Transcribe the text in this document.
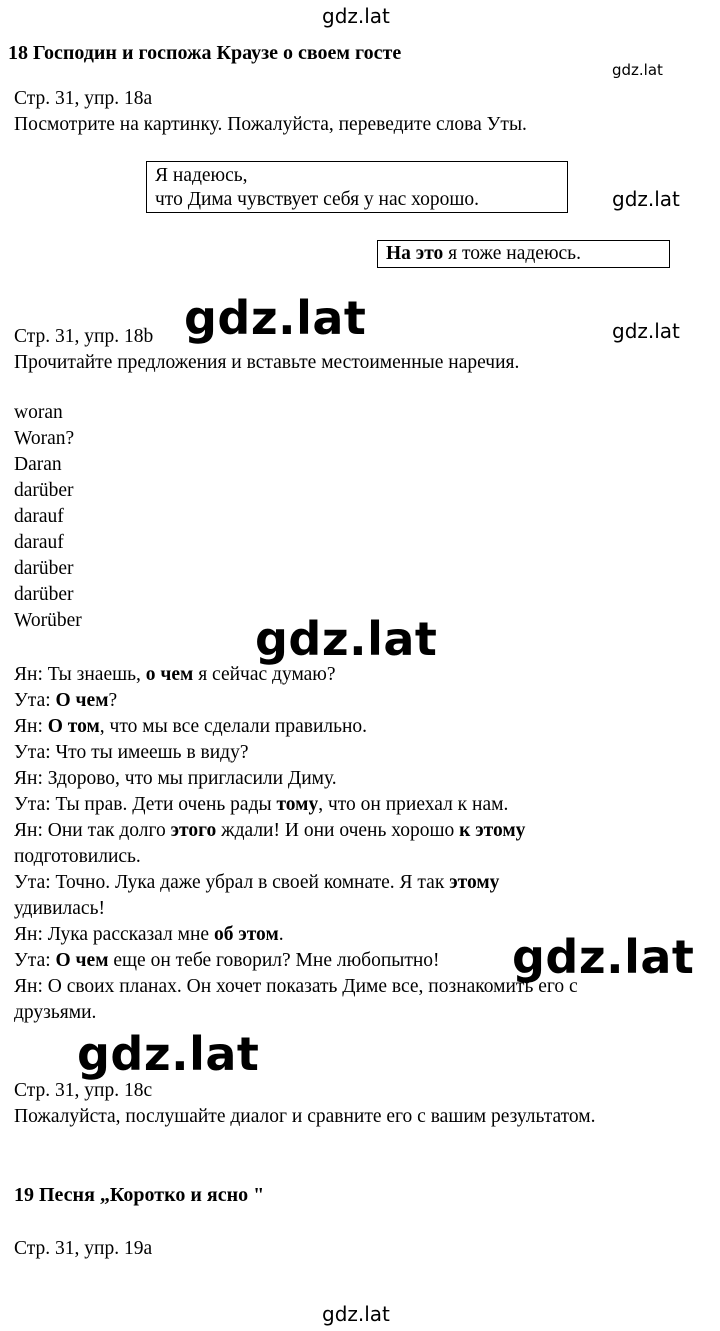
gdz.lat
gdz.lat
gdz.lat
gdz.lat
gdz.lat
gdz.lat
gdz.lat
gdz.lat
gdz.lat
18 Господин и госпожа Краузе о своем госте
Стр. 31, упр. 18a
Посмотрите на картинку. Пожалуйста, переведите слова Уты.
Я надеюсь,
что Дима чувствует себя у нас хорошо.
На это я тоже надеюсь.
Стр. 31, упр. 18b
Прочитайте предложения и вставьте местоименные наречия.
woran
Woran?
Daran
darüber
darauf
darauf
darüber
darüber
Worüber
Ян: Ты знаешь, о чем я сейчас думаю?
Ута: О чем?
Ян: О том, что мы все сделали правильно.
Ута: Что ты имеешь в виду?
Ян: Здорово, что мы пригласили Диму.
Ута: Ты прав. Дети очень рады тому, что он приехал к нам.
Ян: Они так долго этого ждали! И они очень хорошо к этому
подготовились.
Ута: Точно. Лука даже убрал в своей комнате. Я так этому
удивилась!
Ян: Лука рассказал мне об этом.
Ута: О чем еще он тебе говорил? Мне любопытно!
Ян: О своих планах. Он хочет показать Диме все, познакомить его с
друзьями.
Стр. 31, упр. 18c
Пожалуйста, послушайте диалог и сравните его с вашим результатом.
19 Песня „Коротко и ясно "
Стр. 31, упр. 19a
